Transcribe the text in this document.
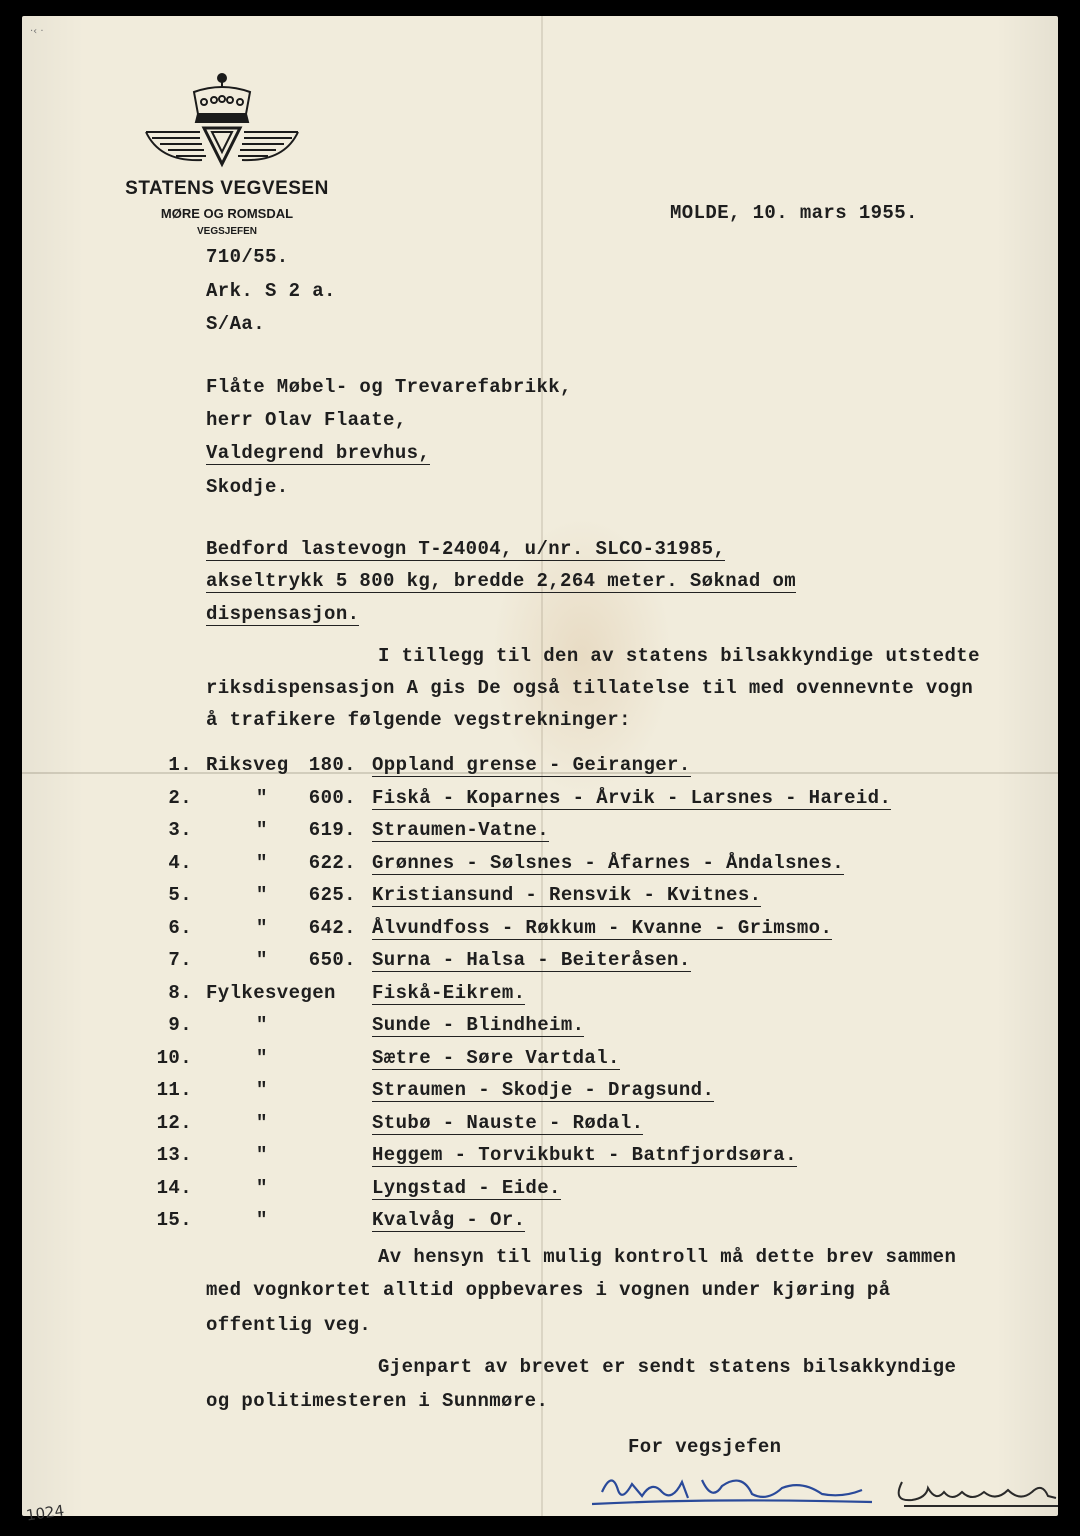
·‹ ·
STATENS VEGVESEN
MØRE OG ROMSDAL
VEGSJEFEN
MOLDE, 10. mars 1955.
710/55.
Ark. S 2 a.
S/Aa.
Flåte Møbel- og Trevarefabrikk,
herr Olav Flaate,
Valdegrend brevhus,
Skodje.
Bedford lastevogn T-24004, u/nr. SLCO-31985,
akseltrykk 5 800 kg, bredde 2,264 meter. Søknad om
dispensasjon.
I tillegg til den av statens bilsakkyndige utstedte
riksdispensasjon A gis De også tillatelse til med ovennevnte vogn
å trafikere følgende vegstrekninger:
1. Riksveg	180. Oppland grense - Geiranger.
2.	"	600. Fiskå - Koparnes - Årvik - Larsnes - Hareid.
3.	"	619. Straumen-Vatne.
4.	"	622. Grønnes - Sølsnes - Åfarnes - Åndalsnes.
5.	"	625. Kristiansund - Rensvik - Kvitnes.
6.	"	642. Ålvundfoss - Røkkum - Kvanne - Grimsmo.
7.	"	650. Surna - Halsa - Beiteråsen.
8. Fylkesvegen Fiskå-Eikrem.
9.	"	Sunde - Blindheim.
10.	"	Sætre - Søre Vartdal.
11.	"	Straumen - Skodje - Dragsund.
12.	"	Stubø - Nauste - Rødal.
13.	"	Heggem - Torvikbukt - Batnfjordsøra.
14.	"	Lyngstad - Eide.
15.	"	Kvalvåg - Or.
Av hensyn til mulig kontroll må dette brev sammen
med vognkortet alltid oppbevares i vognen under kjøring på
offentlig veg.
Gjenpart av brevet er sendt statens bilsakkyndige
og politimesteren i Sunnmøre.
For vegsjefen
1024
